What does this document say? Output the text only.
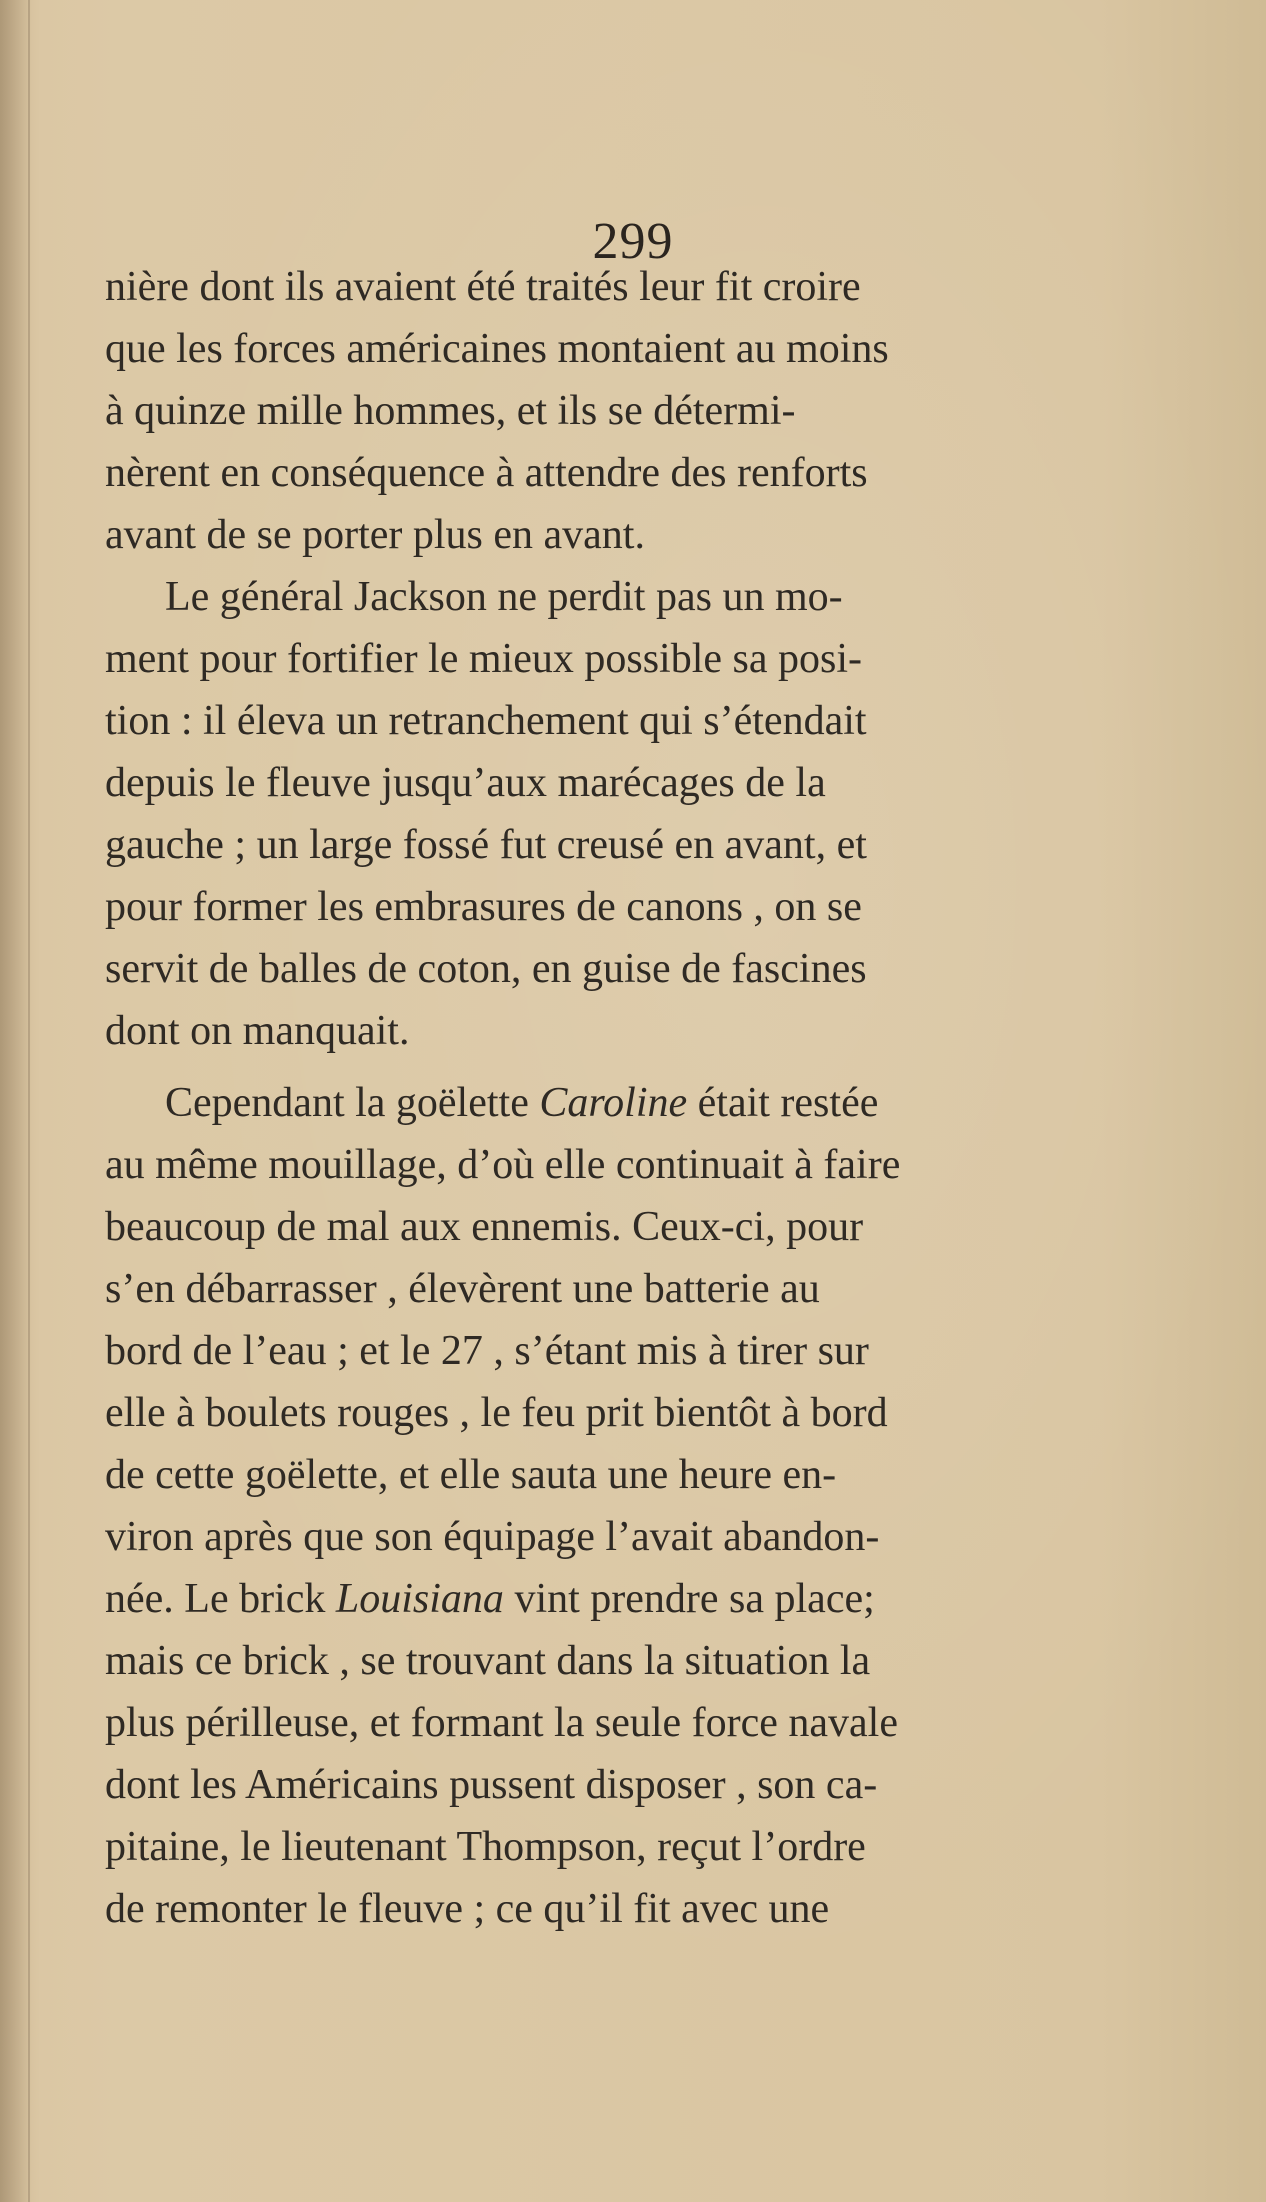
299
nière dont ils avaient été traités leur fit croire
que les forces américaines montaient au moins
à quinze mille hommes, et ils se détermi-
nèrent en conséquence à attendre des renforts
avant de se porter plus en avant.
Le général Jackson ne perdit pas un mo-
ment pour fortifier le mieux possible sa posi-
tion : il éleva un retranchement qui s’étendait
depuis le fleuve jusqu’aux marécages de la
gauche ; un large fossé fut creusé en avant, et
pour former les embrasures de canons , on se
servit de balles de coton, en guise de fascines
dont on manquait.
Cependant la goëlette Caroline était restée
au même mouillage, d’où elle continuait à faire
beaucoup de mal aux ennemis. Ceux-ci, pour
s’en débarrasser , élevèrent une batterie au
bord de l’eau ; et le 27 , s’étant mis à tirer sur
elle à boulets rouges , le feu prit bientôt à bord
de cette goëlette, et elle sauta une heure en-
viron après que son équipage l’avait abandon-
née. Le brick Louisiana vint prendre sa place;
mais ce brick , se trouvant dans la situation la
plus périlleuse, et formant la seule force navale
dont les Américains pussent disposer , son ca-
pitaine, le lieutenant Thompson, reçut l’ordre
de remonter le fleuve ; ce qu’il fit avec une
